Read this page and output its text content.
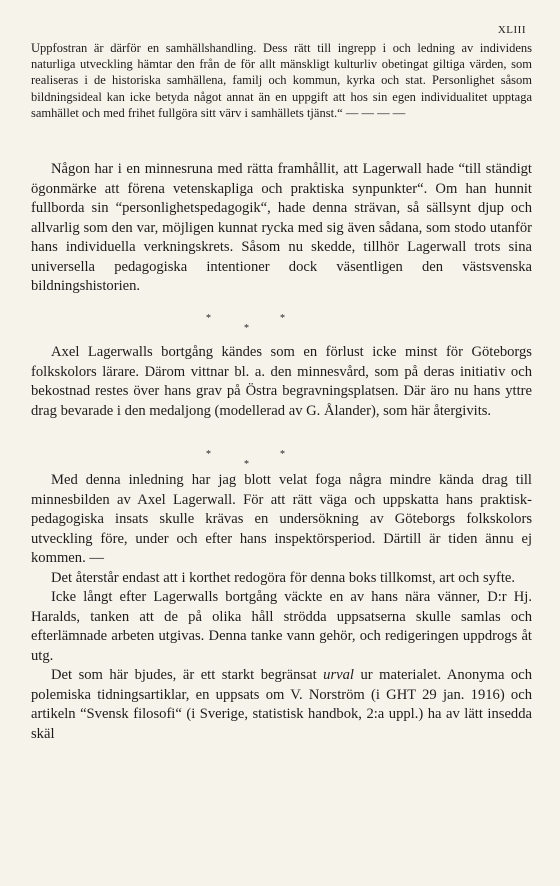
XLIII

Uppfostran är därför en samhällshandling. Dess rätt till ingrepp i och ledning av individens naturliga utveckling hämtar den från de för allt mänskligt kulturliv obetingat giltiga värden, som realiseras i de historiska samhällena, familj och kommun, kyrka och stat. Personlighet såsom bildningsideal kan icke betyda något annat än en uppgift att hos sin egen individualitet upptaga samhället och med frihet fullgöra sitt värv i samhällets tjänst.“ — — — —

Någon har i en minnesruna med rätta framhållit, att Lagerwall hade “till ständigt ögonmärke att förena vetenskapliga och praktiska synpunkter“. Om han hunnit fullborda sin “personlighetspedagogik“, hade denna strävan, så sällsynt djup och allvarlig som den var, möjligen kunnat rycka med sig även sådana, som stodo utanför hans individuella verkningskrets. Såsom nu skedde, tillhör Lagerwall trots sina universella pedagogiska intentioner dock väsentligen den västsvenska bildningshistorien.

*	*
*

Axel Lagerwalls bortgång kändes som en förlust icke minst för Göteborgs folkskolors lärare. Därom vittnar bl. a. den minnesvård, som på deras initiativ och bekostnad restes över hans grav på Östra begravningsplatsen. Där äro nu hans yttre drag bevarade i den medaljong (modellerad av G. Ålander), som här återgivits.

*	*
*

Med denna inledning har jag blott velat foga några mindre kända drag till minnesbilden av Axel Lagerwall. För att rätt väga och uppskatta hans praktisk-pedagogiska insats skulle krävas en undersökning av Göteborgs folkskolors utveckling före, under och efter hans inspektörsperiod. Därtill är tiden ännu ej kommen. —

Det återstår endast att i korthet redogöra för denna boks tillkomst, art och syfte.

Icke långt efter Lagerwalls bortgång väckte en av hans nära vänner, D:r Hj. Haralds, tanken att de på olika håll strödda uppsatserna skulle samlas och efterlämnade arbeten utgivas. Denna tanke vann gehör, och redigeringen uppdrogs åt utg.

Det som här bjudes, är ett starkt begränsat urval ur materialet. Anonyma och polemiska tidningsartiklar, en uppsats om V. Norström (i GHT 29 jan. 1916) och artikeln “Svensk filosofi“ (i Sverige, statistisk handbok, 2:a uppl.) ha av lätt insedda skäl
